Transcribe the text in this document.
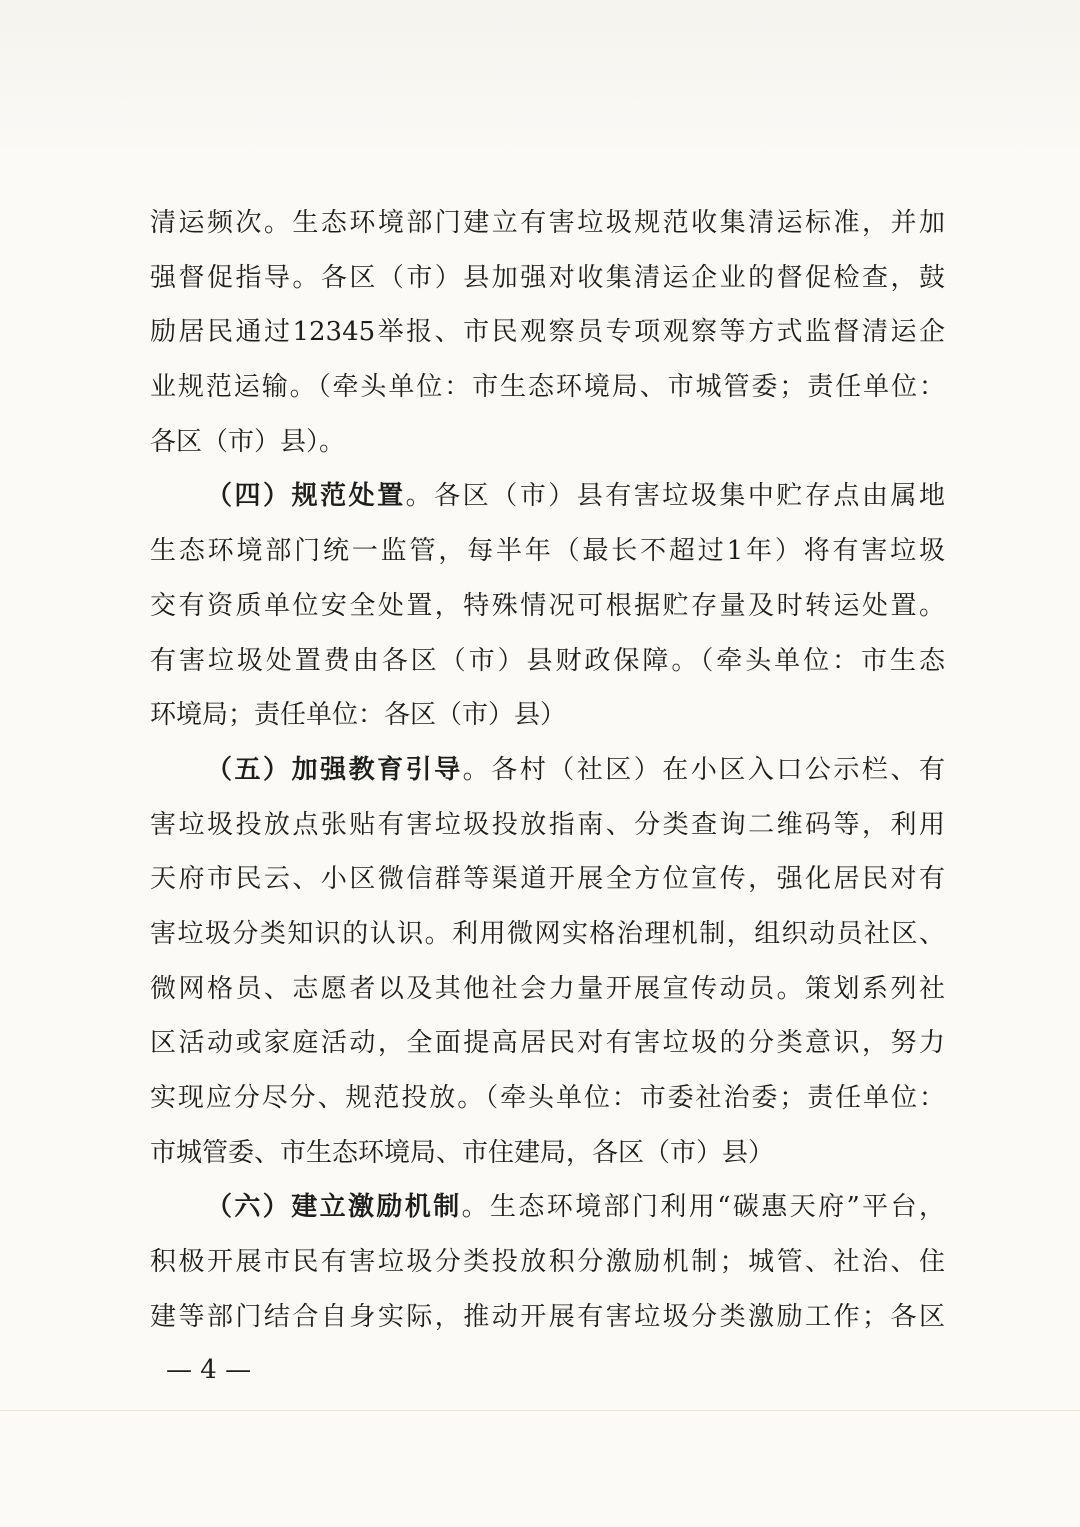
清运频次。生态环境部门建立有害垃圾规范收集清运标准，并加
强督促指导。各区（市）县加强对收集清运企业的督促检查，鼓
励居民通过12345举报、市民观察员专项观察等方式监督清运企
业规范运输。（牵头单位：市生态环境局、市城管委；责任单位：
各区（市）县）。
（四）规范处置。各区（市）县有害垃圾集中贮存点由属地
生态环境部门统一监管，每半年（最长不超过1年）将有害垃圾
交有资质单位安全处置，特殊情况可根据贮存量及时转运处置。
有害垃圾处置费由各区（市）县财政保障。（牵头单位：市生态
环境局；责任单位：各区（市）县）
（五）加强教育引导。各村（社区）在小区入口公示栏、有
害垃圾投放点张贴有害垃圾投放指南、分类查询二维码等，利用
天府市民云、小区微信群等渠道开展全方位宣传，强化居民对有
害垃圾分类知识的认识。利用微网实格治理机制，组织动员社区、
微网格员、志愿者以及其他社会力量开展宣传动员。策划系列社
区活动或家庭活动，全面提高居民对有害垃圾的分类意识，努力
实现应分尽分、规范投放。（牵头单位：市委社治委；责任单位：
市城管委、市生态环境局、市住建局，各区（市）县）
（六）建立激励机制。生态环境部门利用“碳惠天府”平台，
积极开展市民有害垃圾分类投放积分激励机制；城管、社治、住
建等部门结合自身实际，推动开展有害垃圾分类激励工作；各区
— 4 —
